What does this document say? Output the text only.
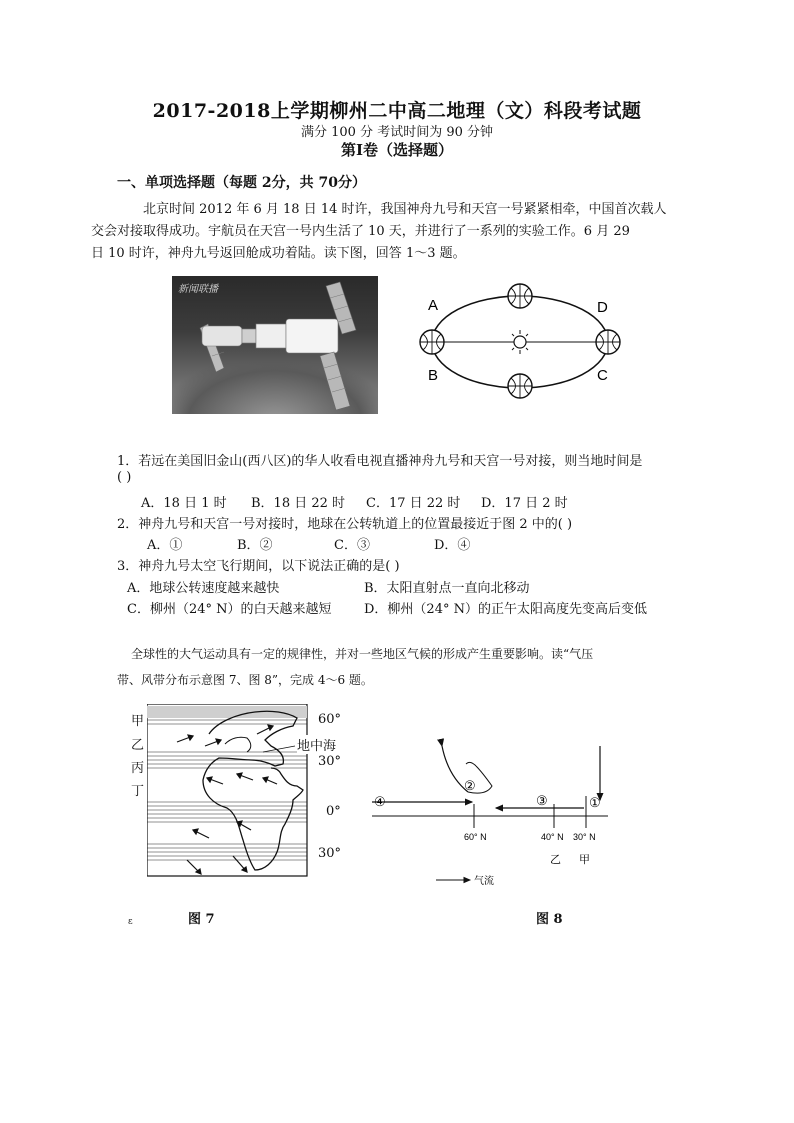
2017-2018上学期柳州二中高二地理（文）科段考试题
满分 100 分 考试时间为 90 分钟
第Ⅰ卷（选择题）
一、单项选择题（每题 2分，共 70分）
北京时间 2012 年 6 月 18 日 14 时许，我国神舟九号和天宫一号紧紧相牵，中国首次载人
交会对接取得成功。宇航员在天宫一号内生活了 10 天，并进行了一系列的实验工作。6 月 29
日 10 时许，神舟九号返回舱成功着陆。读下图，回答 1～3 题。
新闻联播
A
B	C
D
1．若远在美国旧金山(西八区)的华人收看电视直播神舟九号和天宫一号对接，则当地时间是
( )
A．18 日 1 时 B．18 日 22 时 C．17 日 22 时 D．17 日 2 时
2．神舟九号和天宫一号对接时，地球在公转轨道上的位置最接近于图 2 中的( )
A．①	B．②	C．③	D．④
3．神舟九号太空飞行期间，以下说法正确的是( )
A．地球公转速度越来越快	B．太阳直射点一直向北移动
C．柳州（24° N）的白天越来越短	D．柳州（24° N）的正午太阳高度先变高后变低
全球性的大气运动具有一定的规律性，并对一些地区气候的形成产生重要影响。读“气压
带、风带分布示意图 7、图 8”，完成 4～6 题。
甲
乙
丙
丁
60°
30°
0°
30°
地中海
图 7
ɛ
①
②
③
④
60° N	40° N 30° N
乙 甲
气流
图 8
